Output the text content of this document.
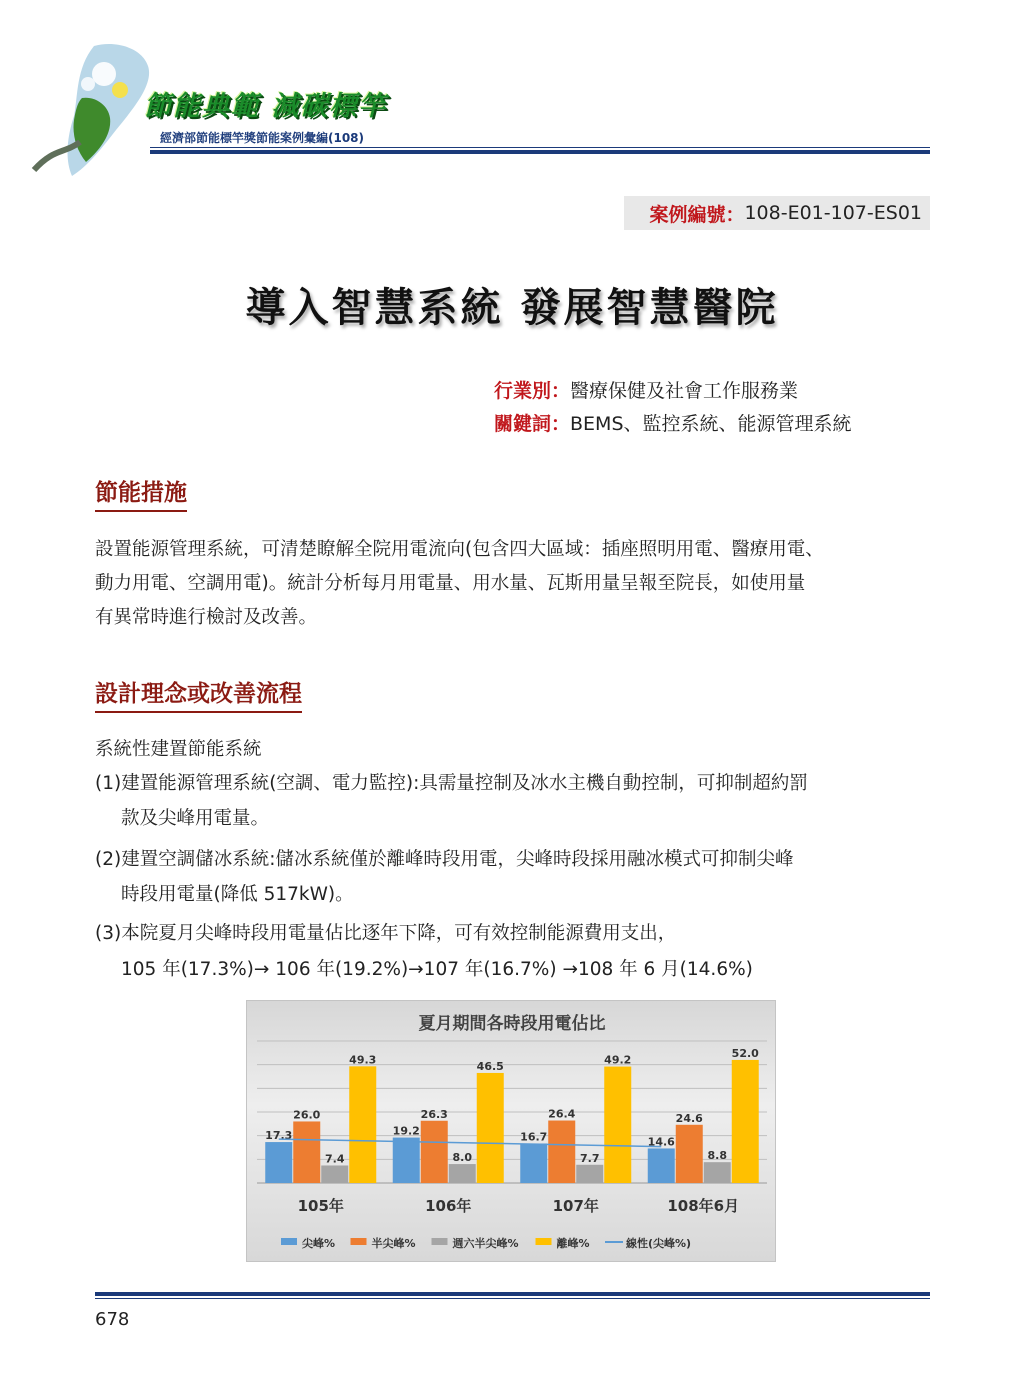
節能典範 減碳標竿
經濟部節能標竿獎節能案例彙編(108)
案例編號： 108-E01-107-ES01
導入智慧系統 發展智慧醫院
行業別：醫療保健及社會工作服務業
關鍵詞：BEMS、監控系統、能源管理系統
節能措施
設置能源管理系統，可清楚瞭解全院用電流向(包含四大區域：插座照明用電、醫療用電、
動力用電、空調用電)。統計分析每月用電量、用水量、瓦斯用量呈報至院長，如使用量
有異常時進行檢討及改善。
設計理念或改善流程
系統性建置節能系統
(1)建置能源管理系統(空調、電力監控):具需量控制及冰水主機自動控制，可抑制超約罰
款及尖峰用電量。
(2)建置空調儲冰系統:儲冰系統僅於離峰時段用電，尖峰時段採用融冰模式可抑制尖峰
時段用電量(降低 517kW)。
(3)本院夏月尖峰時段用電量佔比逐年下降，可有效控制能源費用支出，
105 年(17.3%)→ 106 年(19.2%)→107 年(16.7%) →108 年 6 月(14.6%)
夏月期間各時段用電佔比
17.3
26.0
7.4
49.3
105年
19.2
26.3
8.0
46.5
106年
16.7
26.4
7.7
49.2
107年
14.6
24.6
8.8
52.0
108年6月
尖峰%	半尖峰%	週六半尖峰%	離峰%	線性(尖峰%)
678
